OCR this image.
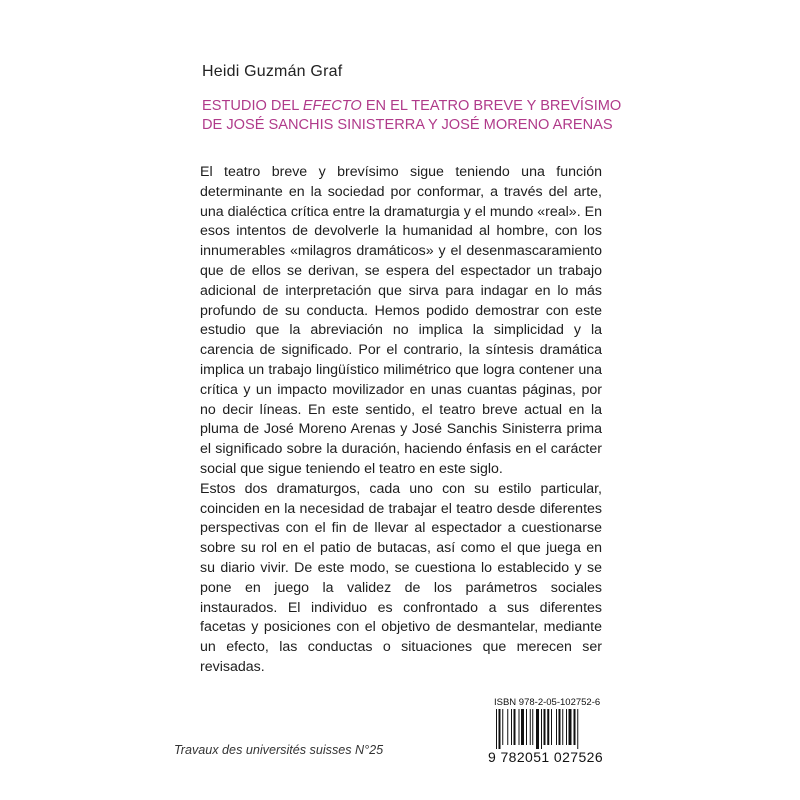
Heidi Guzmán Graf
ESTUDIO DEL EFECTO EN EL TEATRO BREVE Y BREVÍSIMO
DE JOSÉ SANCHIS SINISTERRA Y JOSÉ MORENO ARENAS

El teatro breve y brevísimo sigue teniendo una función determinante en la sociedad por conformar, a través del arte, una dialéctica crítica entre la dramaturgia y el mundo «real». En esos intentos de devolverle la humanidad al hombre, con los innumerables «milagros dramáticos» y el desenmascaramiento que de ellos se derivan, se espera del espectador un trabajo adicional de interpretación que sirva para indagar en lo más profundo de su conducta. Hemos podido demostrar con este estudio que la abreviación no implica la simplicidad y la carencia de significado. Por el contrario, la síntesis dramática implica un trabajo lingüístico milimétrico que logra contener una crítica y un impacto movilizador en unas cuantas páginas, por no decir líneas. En este sentido, el teatro breve actual en la pluma de José Moreno Arenas y José Sanchis Sinisterra prima el significado sobre la duración, haciendo énfasis en el carácter social que sigue teniendo el teatro en este siglo.

Estos dos dramaturgos, cada uno con su estilo particular, coinciden en la necesidad de trabajar el teatro desde diferentes perspectivas con el fin de llevar al espectador a cuestionarse sobre su rol en el patio de butacas, así como el que juega en su diario vivir. De este modo, se cuestiona lo establecido y se pone en juego la validez de los parámetros sociales instaurados. El individuo es confrontado a sus diferentes facetas y posiciones con el objetivo de desmantelar, mediante un efecto, las conductas o situaciones que merecen ser revisadas.

Travaux des universités suisses N°25
ISBN 978-2-05-102752-6
9 782051 027526
